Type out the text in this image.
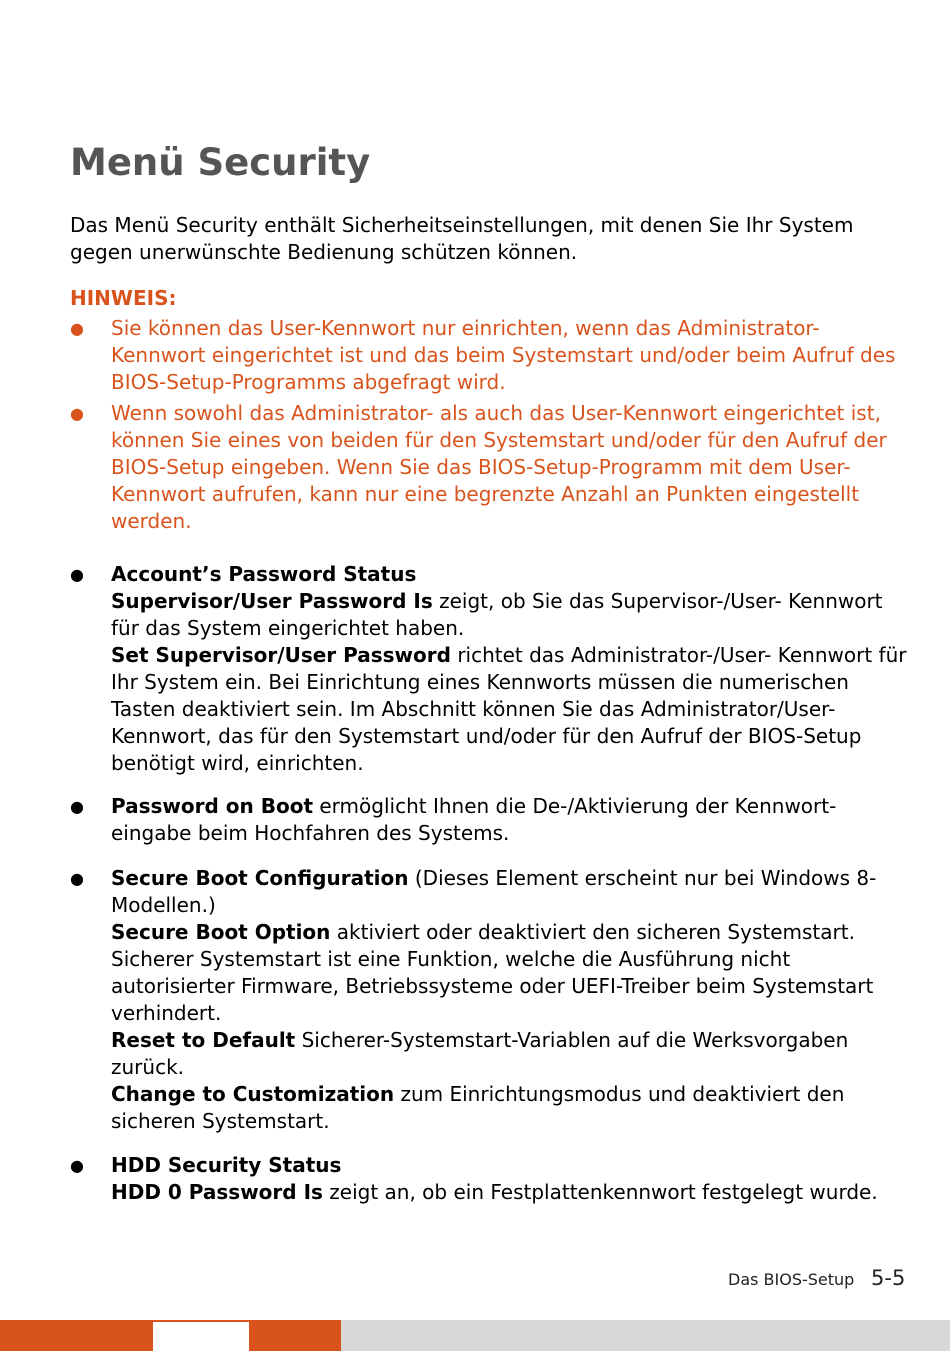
Menü Security
Das Menü Security enthält Sicherheitseinstellungen, mit denen Sie Ihr System gegen unerwünschte Bedienung schützen können.
HINWEIS:
● Sie können das User-Kennwort nur einrichten, wenn das Administrator-Kennwort eingerichtet ist und das beim Systemstart und/oder beim Aufruf des BIOS-Setup-Programms abgefragt wird.
● Wenn sowohl das Administrator- als auch das User-Kennwort eingerichtet ist, können Sie eines von beiden für den Systemstart und/oder für den Aufruf der BIOS-Setup eingeben. Wenn Sie das BIOS-Setup-Programm mit dem User-Kennwort aufrufen, kann nur eine begrenzte Anzahl an Punkten eingestellt werden.
● Account’s Password Status
Supervisor/User Password Is zeigt, ob Sie das Supervisor-/User- Kennwort für das System eingerichtet haben.
Set Supervisor/User Password richtet das Administrator-/User- Kennwort für Ihr System ein. Bei Einrichtung eines Kennworts müssen die numerischen Tasten deaktiviert sein. Im Abschnitt können Sie das Administrator/User-Kennwort, das für den Systemstart und/oder für den Aufruf der BIOS-Setup benötigt wird, einrichten.
● Password on Boot ermöglicht Ihnen die De-/Aktivierung der Kennwort-eingabe beim Hochfahren des Systems.
● Secure Boot Configuration (Dieses Element erscheint nur bei Windows 8-Modellen.)
Secure Boot Option aktiviert oder deaktiviert den sicheren Systemstart. Sicherer Systemstart ist eine Funktion, welche die Ausführung nicht autorisierter Firmware, Betriebssysteme oder UEFI-Treiber beim Systemstart verhindert.
Reset to Default Sicherer-Systemstart-Variablen auf die Werksvorgaben zurück.
Change to Customization zum Einrichtungsmodus und deaktiviert den sicheren Systemstart.
● HDD Security Status
HDD 0 Password Is zeigt an, ob ein Festplattenkennwort festgelegt wurde.
Das BIOS-Setup 5-5
